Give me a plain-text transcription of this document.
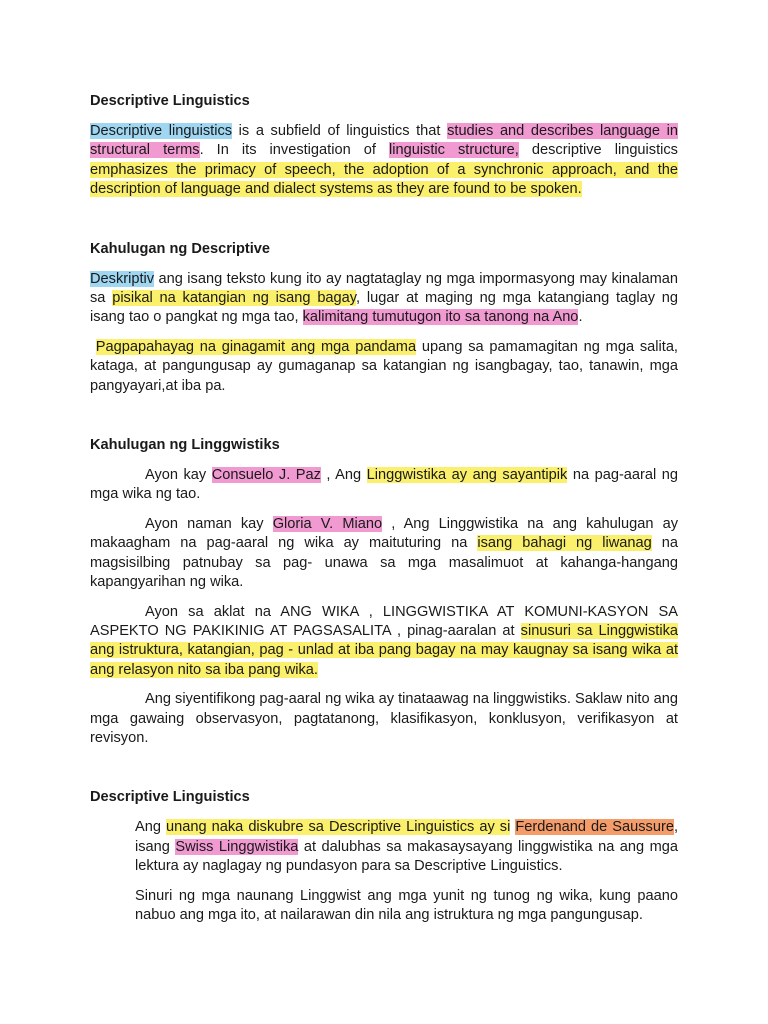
Descriptive Linguistics

Descriptive linguistics is a subfield of linguistics that studies and describes language in structural terms. In its investigation of linguistic structure, descriptive linguistics emphasizes the primacy of speech, the adoption of a synchronic approach, and the description of language and dialect systems as they are found to be spoken.

Kahulugan ng Descriptive

Deskriptiv ang isang teksto kung ito ay nagtataglay ng mga impormasyong may kinalaman sa pisikal na katangian ng isang bagay, lugar at maging ng mga katangiang taglay ng isang tao o pangkat ng mga tao, kalimitang tumutugon ito sa tanong na Ano.

Pagpapahayag na ginagamit ang mga pandama upang sa pamamagitan ng mga salita, kataga, at pangungusap ay gumaganap sa katangian ng isangbagay, tao, tanawin, mga pangyayari,at iba pa.

Kahulugan ng Linggwistiks

Ayon kay Consuelo J. Paz , Ang Linggwistika ay ang sayantipik na pag-aaral ng mga wika ng tao.

Ayon naman kay Gloria V. Miano , Ang Linggwistika na ang kahulugan ay makaagham na pag-aaral ng wika ay maituturing na isang bahagi ng liwanag na magsisilbing patnubay sa pag- unawa sa mga masalimuot at kahanga-hangang kapangyarihan ng wika.

Ayon sa aklat na ANG WIKA , LINGGWISTIKA AT KOMUNI-KASYON SA ASPEKTO NG PAKIKINIG AT PAGSASALITA , pinag-aaralan at sinusuri sa Linggwistika ang istruktura, katangian, pag - unlad at iba pang bagay na may kaugnay sa isang wika at ang relasyon nito sa iba pang wika.

Ang siyentifikong pag-aaral ng wika ay tinataawag na linggwistiks. Saklaw nito ang mga gawaing observasyon, pagtatanong, klasifikasyon, konklusyon, verifikasyon at revisyon.

Descriptive Linguistics

Ang unang naka diskubre sa Descriptive Linguistics ay si Ferdenand de Saussure, isang Swiss Linggwistika at dalubhas sa makasaysayang linggwistika na ang mga lektura ay naglagay ng pundasyon para sa Descriptive Linguistics.

Sinuri ng mga naunang Linggwist ang mga yunit ng tunog ng wika, kung paano nabuo ang mga ito, at nailarawan din nila ang istruktura ng mga pangungusap.
